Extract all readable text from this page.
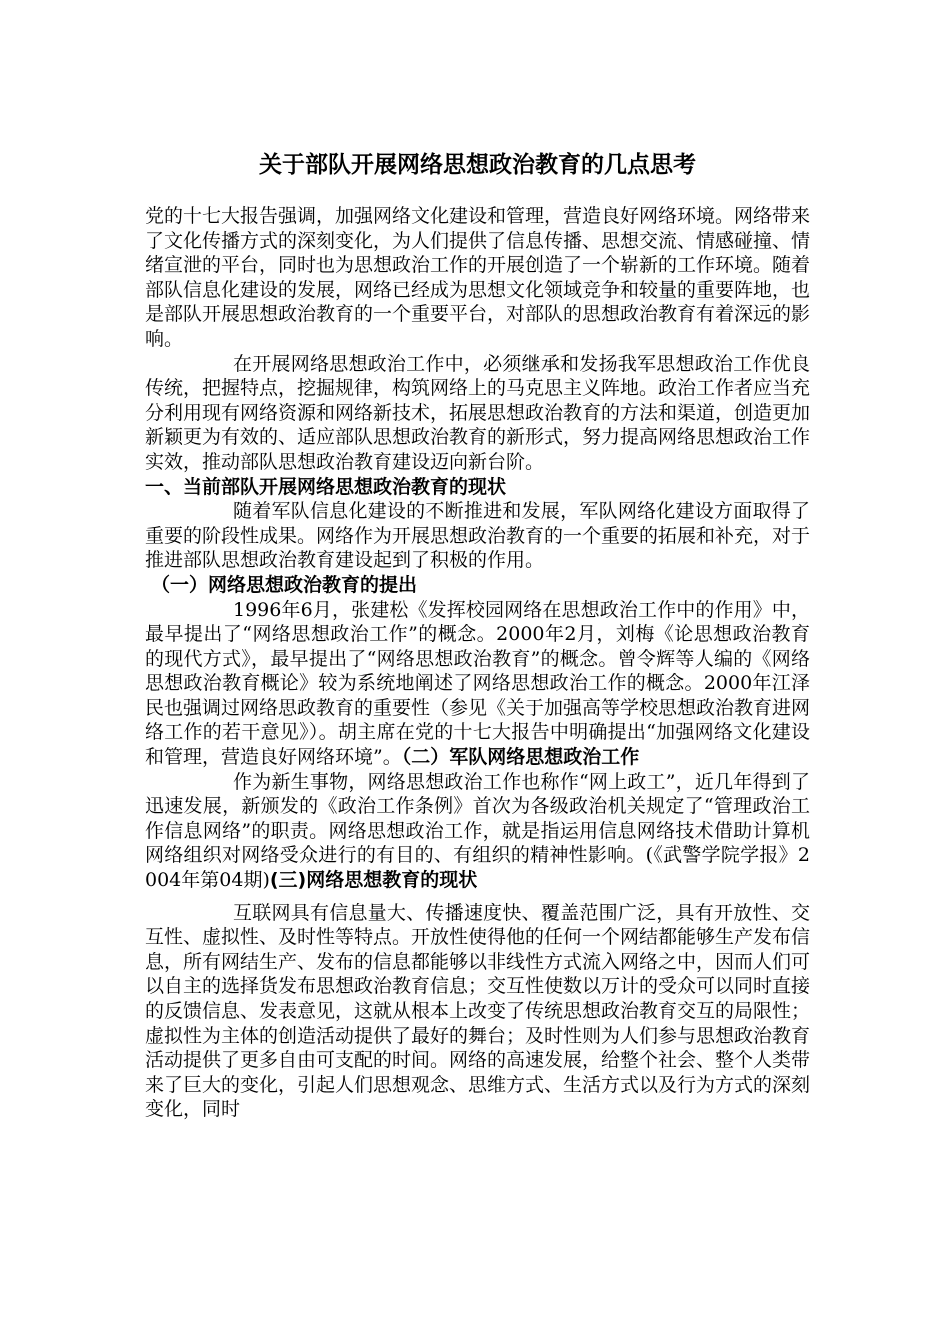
关于部队开展网络思想政治教育的几点思考

党的十七大报告强调，加强网络文化建设和管理，营造良好网络环境。网络带来了文化传播方式的深刻变化，为人们提供了信息传播、思想交流、情感碰撞、情绪宣泄的平台，同时也为思想政治工作的开展创造了一个崭新的工作环境。随着部队信息化建设的发展，网络已经成为思想文化领域竞争和较量的重要阵地，也是部队开展思想政治教育的一个重要平台，对部队的思想政治教育有着深远的影响。

在开展网络思想政治工作中，必须继承和发扬我军思想政治工作优良传统，把握特点，挖掘规律，构筑网络上的马克思主义阵地。政治工作者应当充分利用现有网络资源和网络新技术，拓展思想政治教育的方法和渠道，创造更加新颖更为有效的、适应部队思想政治教育的新形式，努力提高网络思想政治工作实效，推动部队思想政治教育建设迈向新台阶。

一、当前部队开展网络思想政治教育的现状

随着军队信息化建设的不断推进和发展，军队网络化建设方面取得了重要的阶段性成果。网络作为开展思想政治教育的一个重要的拓展和补充，对于推进部队思想政治教育建设起到了积极的作用。

（一）网络思想政治教育的提出

1996年6月，张建松《发挥校园网络在思想政治工作中的作用》中，最早提出了“网络思想政治工作”的概念。2000年2月，刘梅《论思想政治教育的现代方式》，最早提出了“网络思想政治教育”的概念。曾令辉等人编的《网络思想政治教育概论》较为系统地阐述了网络思想政治工作的概念。2000年江泽民也强调过网络思政教育的重要性（参见《关于加强高等学校思想政治教育进网络工作的若干意见》）。胡主席在党的十七大报告中明确提出“加强网络文化建设和管理，营造良好网络环境”。（二）军队网络思想政治工作

作为新生事物，网络思想政治工作也称作“网上政工”，近几年得到了迅速发展，新颁发的《政治工作条例》首次为各级政治机关规定了“管理政治工作信息网络”的职责。网络思想政治工作，就是指运用信息网络技术借助计算机网络组织对网络受众进行的有目的、有组织的精神性影响。(《武警学院学报》2004年第04期)(三)网络思想教育的现状

互联网具有信息量大、传播速度快、覆盖范围广泛，具有开放性、交互性、虚拟性、及时性等特点。开放性使得他的任何一个网结都能够生产发布信息，所有网结生产、发布的信息都能够以非线性方式流入网络之中，因而人们可以自主的选择货发布思想政治教育信息；交互性使数以万计的受众可以同时直接的反馈信息、发表意见，这就从根本上改变了传统思想政治教育交互的局限性；虚拟性为主体的创造活动提供了最好的舞台；及时性则为人们参与思想政治教育活动提供了更多自由可支配的时间。网络的高速发展，给整个社会、整个人类带来了巨大的变化，引起人们思想观念、思维方式、生活方式以及行为方式的深刻变化，同时
